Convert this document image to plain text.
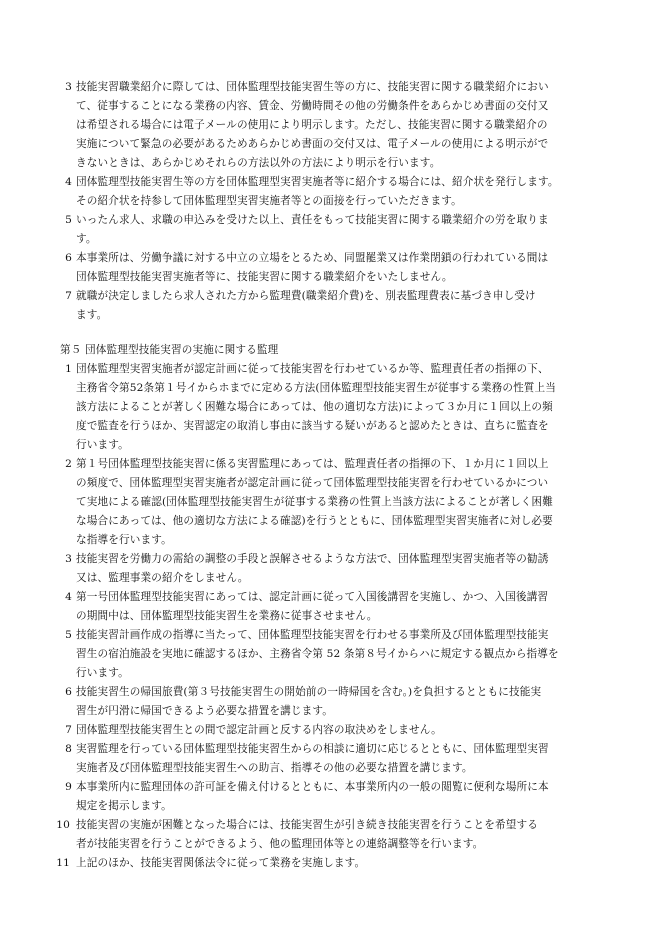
3 技能実習職業紹介に際しては、団体監理型技能実習生等の方に、技能実習に関する職業紹介におい
て、従事することになる業務の内容、賃金、労働時間その他の労働条件をあらかじめ書面の交付又
は希望される場合には電子メールの使用により明示します。ただし、技能実習に関する職業紹介の
実施について緊急の必要があるためあらかじめ書面の交付又は、電子メールの使用による明示がで
きないときは、あらかじめそれらの方法以外の方法により明示を行います。
4 団体監理型技能実習生等の方を団体監理型実習実施者等に紹介する場合には、紹介状を発行します。
その紹介状を持参して団体監理型実習実施者等との面接を行っていただきます。
5 いったん求人、求職の申込みを受けた以上、責任をもって技能実習に関する職業紹介の労を取りま
す。
6 本事業所は、労働争議に対する中立の立場をとるため、同盟罷業又は作業閉鎖の行われている間は
団体監理型技能実習実施者等に、技能実習に関する職業紹介をいたしません。
7 就職が決定しましたら求人された方から監理費(職業紹介費)を、別表監理費表に基づき申し受け
ます。
第５ 団体監理型技能実習の実施に関する監理
1 団体監理型実習実施者が認定計画に従って技能実習を行わせているか等、監理責任者の指揮の下、
主務省令第52条第１号イからホまでに定める方法(団体監理型技能実習生が従事する業務の性質上当
該方法によることが著しく困難な場合にあっては、他の適切な方法)によって３か月に１回以上の頻
度で監査を行うほか、実習認定の取消し事由に該当する疑いがあると認めたときは、直ちに監査を
行います。
2 第１号団体監理型技能実習に係る実習監理にあっては、監理責任者の指揮の下、１か月に１回以上
の頻度で、団体監理型実習実施者が認定計画に従って団体監理型技能実習を行わせているかについ
て実地による確認(団体監理型技能実習生が従事する業務の性質上当該方法によることが著しく困難
な場合にあっては、他の適切な方法による確認)を行うとともに、団体監理型実習実施者に対し必要
な指導を行います。
3 技能実習を労働力の需給の調整の手段と誤解させるような方法で、団体監理型実習実施者等の勧誘
又は、監理事業の紹介をしません。
4 第一号団体監理型技能実習にあっては、認定計画に従って入国後講習を実施し、かつ、入国後講習
の期間中は、団体監理型技能実習生を業務に従事させません。
5 技能実習計画作成の指導に当たって、団体監理型技能実習を行わせる事業所及び団体監理型技能実
習生の宿泊施設を実地に確認するほか、主務省令第 52 条第８号イからハに規定する観点から指導を
行います。
6 技能実習生の帰国旅費(第３号技能実習生の開始前の一時帰国を含む。)を負担するとともに技能実
習生が円滑に帰国できるよう必要な措置を講じます。
7 団体監理型技能実習生との間で認定計画と反する内容の取決めをしません。
8 実習監理を行っている団体監理型技能実習生からの相談に適切に応じるとともに、団体監理型実習
実施者及び団体監理型技能実習生への助言、指導その他の必要な措置を講じます。
9 本事業所内に監理団体の許可証を備え付けるとともに、本事業所内の一般の閲覧に便利な場所に本
規定を掲示します。
10 技能実習の実施が困難となった場合には、技能実習生が引き続き技能実習を行うことを希望する
者が技能実習を行うことができるよう、他の監理団体等との連絡調整等を行います。
11 上記のほか、技能実習関係法令に従って業務を実施します。
